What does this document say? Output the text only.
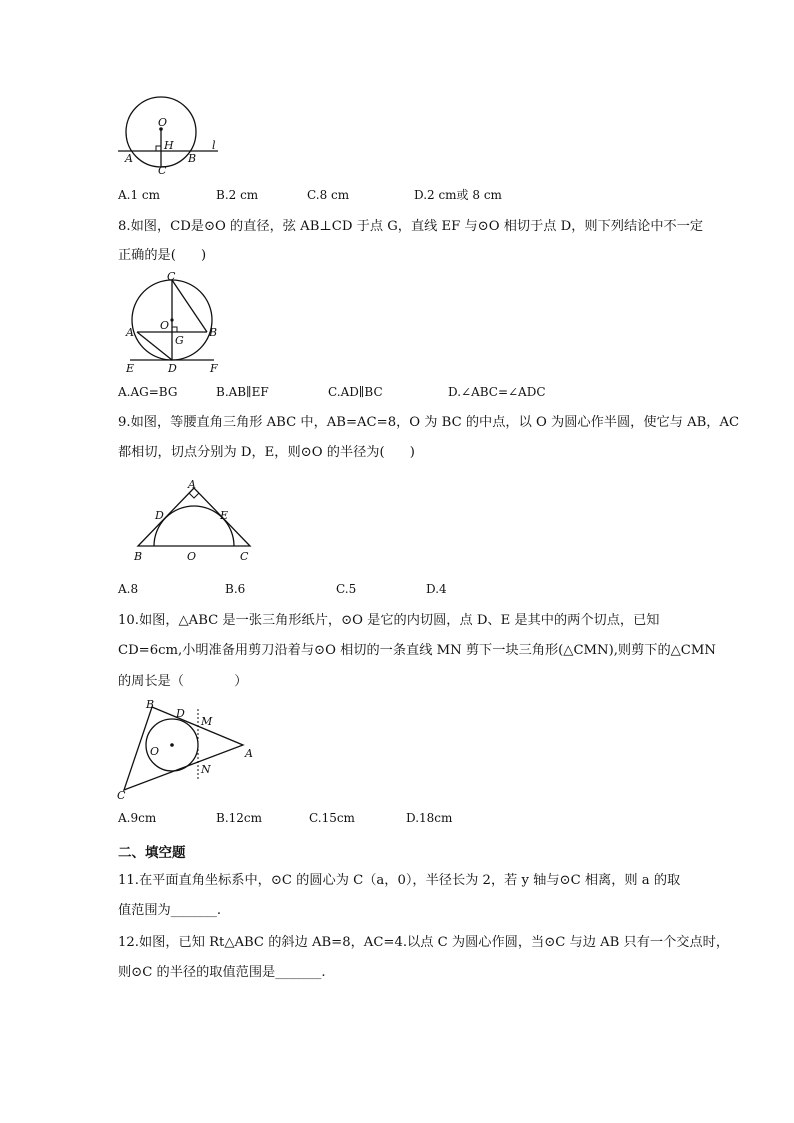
O
H
A	B
C
l

A.1 cm

	B.2 cm

	C.8 cm

	D.2 cm或 8 cm

8.如图，CD是⊙O 的直径，弦 AB⊥CD 于点 G，直线 EF 与⊙O 相切于点 D，则下列结论中不一定
正确的是(      )
C
O
A	B
G
E	D	F

A.AG=BG

	B.AB∥EF

	C.AD∥BC

	D.∠ABC=∠ADC

9.如图，等腰直角三角形 ABC 中，AB=AC=8，O 为 BC 的中点，以 O 为圆心作半圆，使它与 AB，AC
都相切，切点分别为 D，E，则⊙O 的半径为(      )
A
D	E
B	O	C

A.8

	B.6

	C.5

	D.4

10.如图，△ABC 是一张三角形纸片，⊙O 是它的内切圆，点 D、E 是其中的两个切点，已知
CD=6cm,小明准备用剪刀沿着与⊙O 相切的一条直线 MN 剪下一块三角形(△CMN),则剪下的△CMN
的周长是（            ）
B
D
M
O	A
N
C

A.9cm

	B.12cm

	C.15cm

	D.18cm

二、填空题
11.在平面直角坐标系中，⊙C 的圆心为 C（a，0），半径长为 2，若 y 轴与⊙C 相离，则 a 的取
值范围为_______.
12.如图，已知 Rt△ABC 的斜边 AB=8，AC=4.以点 C 为圆心作圆，当⊙C 与边 AB 只有一个交点时，
则⊙C 的半径的取值范围是_______.
